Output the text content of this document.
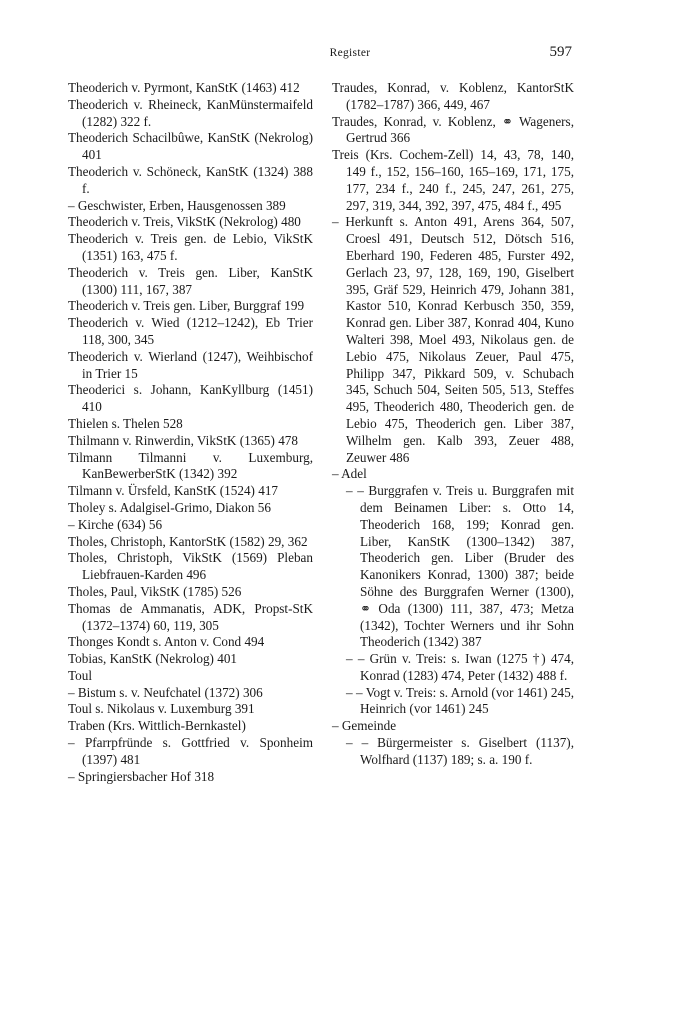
Register	597

Theoderich v. Pyrmont, KanStK (1463) 412

Theoderich v. Rheineck, KanMünstermaifeld (1282) 322 f.

Theoderich Schacilbûwe, KanStK (Nekrolog) 401

Theoderich v. Schöneck, KanStK (1324) 388 f.

– Geschwister, Erben, Hausgenossen 389

Theoderich v. Treis, VikStK (Nekrolog) 480

Theoderich v. Treis gen. de Lebio, VikStK (1351) 163, 475 f.

Theoderich v. Treis gen. Liber, KanStK (1300) 111, 167, 387

Theoderich v. Treis gen. Liber, Burggraf 199

Theoderich v. Wied (1212–1242), Eb Trier 118, 300, 345

Theoderich v. Wierland (1247), Weihbischof in Trier 15

Theoderici s. Johann, KanKyllburg (1451) 410

Thielen s. Thelen 528

Thilmann v. Rinwerdin, VikStK (1365) 478

Tilmann Tilmanni v. Luxemburg, KanBewerberStK (1342) 392

Tilmann v. Ürsfeld, KanStK (1524) 417

Tholey s. Adalgisel-Grimo, Diakon 56

– Kirche (634) 56

Tholes, Christoph, KantorStK (1582) 29, 362

Tholes, Christoph, VikStK (1569) Pleban Liebfrauen-Karden 496

Tholes, Paul, VikStK (1785) 526

Thomas de Ammanatis, ADK, Propst-StK (1372–1374) 60, 119, 305

Thonges Kondt s. Anton v. Cond 494

Tobias, KanStK (Nekrolog) 401

Toul

– Bistum s. v. Neufchatel (1372) 306

Toul s. Nikolaus v. Luxemburg 391

Traben (Krs. Wittlich-Bernkastel)

– Pfarrpfründe s. Gottfried v. Sponheim (1397) 481

– Springiersbacher Hof 318

Traudes, Konrad, v. Koblenz, KantorStK (1782–1787) 366, 449, 467

Traudes, Konrad, v. Koblenz, ⚭ Wageners, Gertrud 366

Treis (Krs. Cochem-Zell) 14, 43, 78, 140, 149 f., 152, 156–160, 165–169, 171, 175, 177, 234 f., 240 f., 245, 247, 261, 275, 297, 319, 344, 392, 397, 475, 484 f., 495

– Herkunft s. Anton 491, Arens 364, 507, Croesl 491, Deutsch 512, Dötsch 516, Eberhard 190, Federen 485, Furster 492, Gerlach 23, 97, 128, 169, 190, Giselbert 395, Gräf 529, Heinrich 479, Johann 381, Kastor 510, Konrad Kerbusch 350, 359, Konrad gen. Liber 387, Konrad 404, Kuno Walteri 398, Moel 493, Nikolaus gen. de Lebio 475, Nikolaus Zeuer, Paul 475, Philipp 347, Pikkard 509, v. Schubach 345, Schuch 504, Seiten 505, 513, Steffes 495, Theoderich 480, Theoderich gen. de Lebio 475, Theoderich gen. Liber 387, Wilhelm gen. Kalb 393, Zeuer 488, Zeuwer 486

– Adel

– – Burggrafen v. Treis u. Burggrafen mit dem Beinamen Liber: s. Otto 14, Theoderich 168, 199; Konrad gen. Liber, KanStK (1300–1342) 387, Theoderich gen. Liber (Bruder des Kanonikers Konrad, 1300) 387; beide Söhne des Burggrafen Werner (1300), ⚭ Oda (1300) 111, 387, 473; Metza (1342), Tochter Werners und ihr Sohn Theoderich (1342) 387

– – Grün v. Treis: s. Iwan (1275 †) 474, Konrad (1283) 474, Peter (1432) 488 f.

– – Vogt v. Treis: s. Arnold (vor 1461) 245, Heinrich (vor 1461) 245

– Gemeinde

– – Bürgermeister s. Giselbert (1137), Wolfhard (1137) 189; s. a. 190 f.
